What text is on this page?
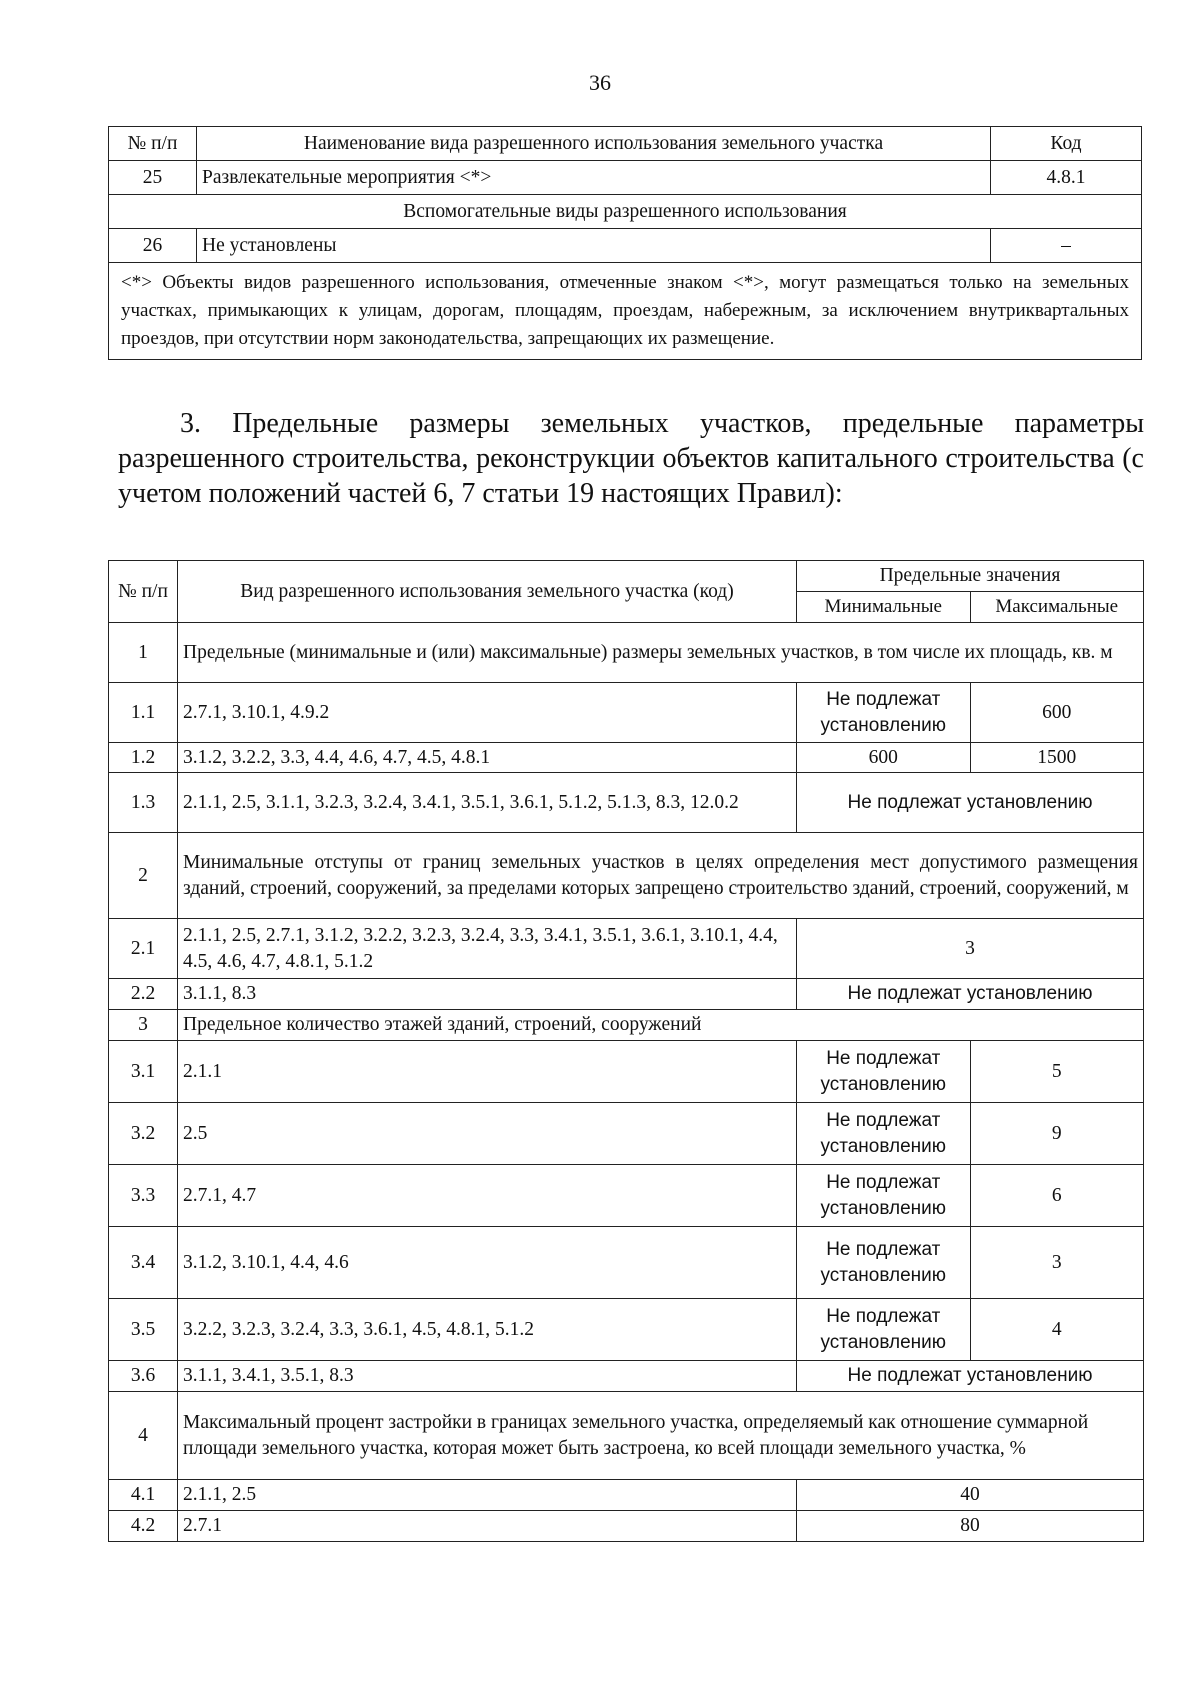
36
№ п/п	Наименование вида разрешенного использования земельного участка	Код
25	Развлекательные мероприятия <*>	4.8.1
Вспомогательные виды разрешенного использования		
26	Не установлены	–
<*> Объекты видов разрешенного использования, отмеченные знаком <*>, могут размещаться только на земельных участках, примыкающих к улицам, дорогам, площадям, проездам, набережным, за исключением внутриквартальных проездов, при отсутствии норм законодательства, запрещающих их размещение.		
3. Предельные размеры земельных участков, предельные параметры разрешенного строительства, реконструкции объектов капитального строительства (с учетом положений частей 6, 7 статьи 19 настоящих Правил):
№ п/п	Вид разрешенного использования земельного участка (код)	Предельные значения	
		Минимальные	Максимальные
1	Предельные (минимальные и (или) максимальные) размеры земельных участков, в том числе их площадь, кв. м		
1.1	2.7.1, 3.10.1, 4.9.2	Не подлежат установлению	600
1.2	3.1.2, 3.2.2, 3.3, 4.4, 4.6, 4.7, 4.5, 4.8.1	600	1500
1.3	2.1.1, 2.5, 3.1.1, 3.2.3, 3.2.4, 3.4.1, 3.5.1, 3.6.1, 5.1.2, 5.1.3, 8.3, 12.0.2	Не подлежат установлению	
2	Минимальные отступы от границ земельных участков в целях определения мест допустимого размещения зданий, строений, сооружений, за пределами которых запрещено строительство зданий, строений, сооружений, м		
2.1	2.1.1, 2.5, 2.7.1, 3.1.2, 3.2.2, 3.2.3, 3.2.4, 3.3, 3.4.1, 3.5.1, 3.6.1, 3.10.1, 4.4, 4.5, 4.6, 4.7, 4.8.1, 5.1.2	3	
2.2	3.1.1, 8.3	Не подлежат установлению	
3	Предельное количество этажей зданий, строений, сооружений		
3.1	2.1.1	Не подлежат установлению	5
3.2	2.5	Не подлежат установлению	9
3.3	2.7.1, 4.7	Не подлежат установлению	6
3.4	3.1.2, 3.10.1, 4.4, 4.6	Не подлежат установлению	3
3.5	3.2.2, 3.2.3, 3.2.4, 3.3, 3.6.1, 4.5, 4.8.1, 5.1.2	Не подлежат установлению	4
3.6	3.1.1, 3.4.1, 3.5.1, 8.3	Не подлежат установлению	
4	Максимальный процент застройки в границах земельного участка, определяемый как отношение суммарной площади земельного участка, которая может быть застроена, ко всей площади земельного участка, %		
4.1	2.1.1, 2.5	40	
4.2	2.7.1	80	
